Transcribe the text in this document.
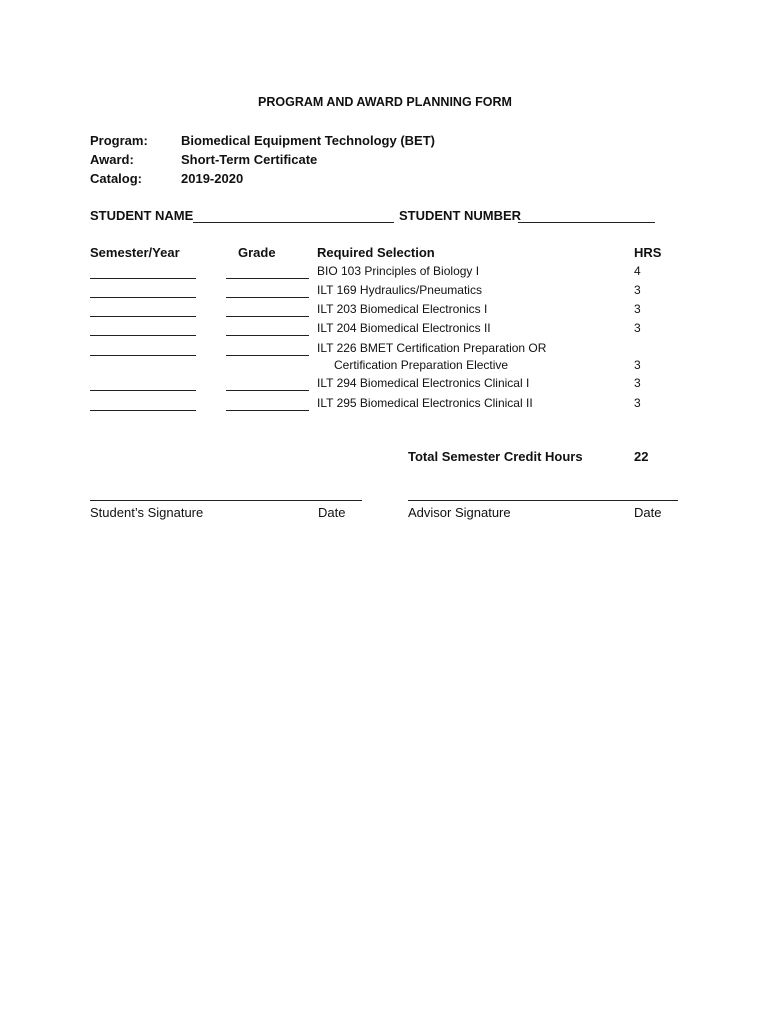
PROGRAM AND AWARD PLANNING FORM
Program:	Biomedical Equipment Technology (BET)
Award:	Short-Term Certificate
Catalog:	2019-2020
STUDENT NAME	STUDENT NUMBER
Semester/Year	Grade	Required Selection	HRS
BIO 103 Principles of Biology I	4
ILT 169 Hydraulics/Pneumatics	3
ILT 203 Biomedical Electronics I	3
ILT 204 Biomedical Electronics II	3
ILT 226 BMET Certification Preparation OR
Certification Preparation Elective	3
ILT 294 Biomedical Electronics Clinical I	3
ILT 295 Biomedical Electronics Clinical II	3
Total Semester Credit Hours	22
Student’s Signature	Date	Advisor Signature	Date
